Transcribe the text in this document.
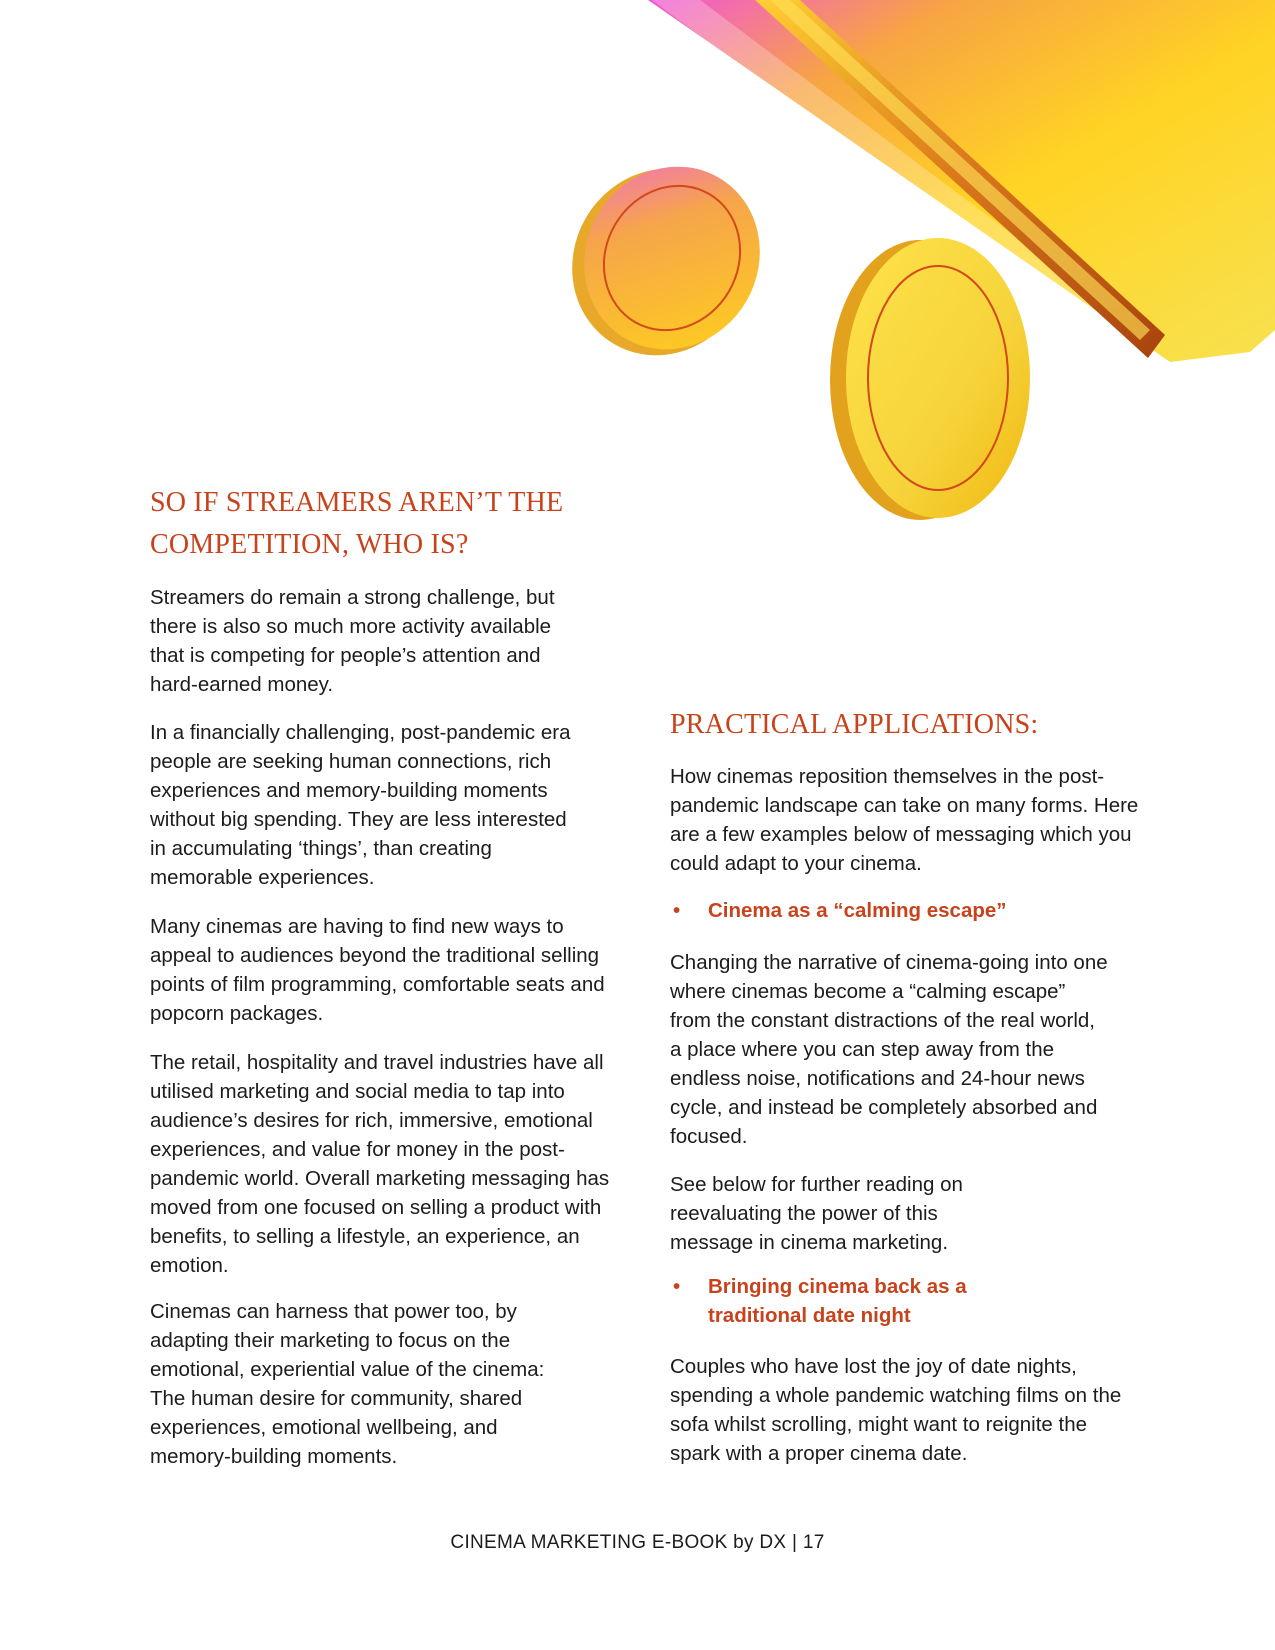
SO IF STREAMERS AREN’T THE COMPETITION, WHO IS?

Streamers do remain a strong challenge, but there is also so much more activity available that is competing for people’s attention and hard-earned money.

In a financially challenging, post-pandemic era people are seeking human connections, rich experiences and memory-building moments without big spending. They are less interested in accumulating ‘things’, than creating memorable experiences.

Many cinemas are having to find new ways to appeal to audiences beyond the traditional selling points of film programming, comfortable seats and popcorn packages.

The retail, hospitality and travel industries have all utilised marketing and social media to tap into audience’s desires for rich, immersive, emotional experiences, and value for money in the post-pandemic world. Overall marketing messaging has moved from one focused on selling a product with benefits, to selling a lifestyle, an experience, an emotion.

Cinemas can harness that power too, by adapting their marketing to focus on the emotional, experiential value of the cinema: The human desire for community, shared experiences, emotional wellbeing, and memory-building moments.

PRACTICAL APPLICATIONS:

How cinemas reposition themselves in the post-pandemic landscape can take on many forms. Here are a few examples below of messaging which you could adapt to your cinema.

• Cinema as a “calming escape”

Changing the narrative of cinema-going into one where cinemas become a “calming escape” from the constant distractions of the real world, a place where you can step away from the endless noise, notifications and 24-hour news cycle, and instead be completely absorbed and focused.

See below for further reading on reevaluating the power of this message in cinema marketing.

• Bringing cinema back as a traditional date night

Couples who have lost the joy of date nights, spending a whole pandemic watching films on the sofa whilst scrolling, might want to reignite the spark with a proper cinema date.

CINEMA MARKETING E-BOOK by DX | 17
